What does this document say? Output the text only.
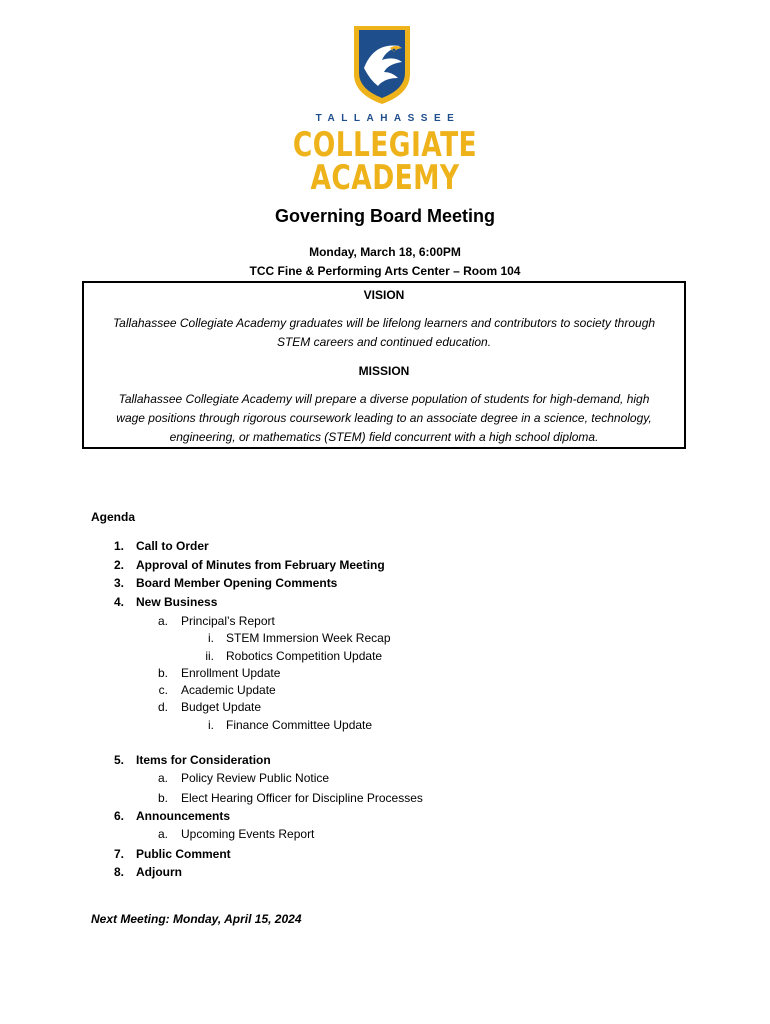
TALLAHASSEE
COLLEGIATE
ACADEMY
Governing Board Meeting
Monday, March 18, 6:00PM
TCC Fine & Performing Arts Center – Room 104
VISION
Tallahassee Collegiate Academy graduates will be lifelong learners and contributors to society through
STEM careers and continued education.
MISSION
Tallahassee Collegiate Academy will prepare a diverse population of students for high-demand, high
wage positions through rigorous coursework leading to an associate degree in a science, technology,
engineering, or mathematics (STEM) field concurrent with a high school diploma.
Agenda
1. Call to Order
2. Approval of Minutes from February Meeting
3. Board Member Opening Comments
4. New Business
a. Principal’s Report
i. STEM Immersion Week Recap
ii. Robotics Competition Update
b. Enrollment Update
c. Academic Update
d. Budget Update
i. Finance Committee Update
5. Items for Consideration
a. Policy Review Public Notice
b. Elect Hearing Officer for Discipline Processes
6. Announcements
a. Upcoming Events Report
7. Public Comment
8. Adjourn
Next Meeting: Monday, April 15, 2024
